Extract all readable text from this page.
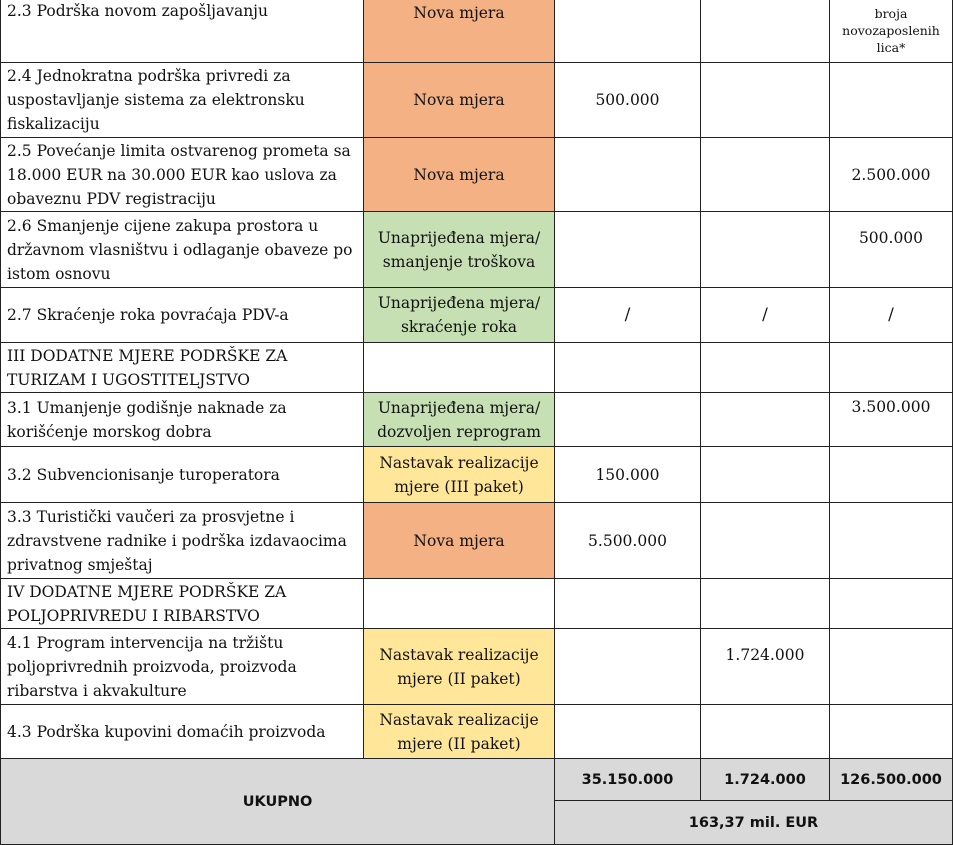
2.3 Podrška novom zapošljavanju	Nova mjera			broja novozaposlenih lica*
2.4 Jednokratna podrška privredi za uspostavljanje sistema za elektronsku fiskalizaciju	Nova mjera	500.000		
2.5 Povećanje limita ostvarenog prometa sa 18.000 EUR na 30.000 EUR kao uslova za obaveznu PDV registraciju	Nova mjera			2.500.000
2.6 Smanjenje cijene zakupa prostora u državnom vlasništvu i odlaganje obaveze po istom osnovu	Unaprijeđena mjera/ smanjenje troškova			500.000
2.7 Skraćenje roka povraćaja PDV-a	Unaprijeđena mjera/ skraćenje roka	/	/	/
III DODATNE MJERE PODRŠKE ZA TURIZAM I UGOSTITELJSTVO				
3.1 Umanjenje godišnje naknade za korišćenje morskog dobra	Unaprijeđena mjera/ dozvoljen reprogram			3.500.000
3.2 Subvencionisanje turoperatora	Nastavak realizacije mjere (III paket)	150.000		
3.3 Turistički vaučeri za prosvjetne i zdravstvene radnike i podrška izdavaocima privatnog smještaj	Nova mjera	5.500.000		
IV DODATNE MJERE PODRŠKE ZA POLJOPRIVREDU I RIBARSTVO				
4.1 Program intervencija na tržištu poljoprivrednih proizvoda, proizvoda ribarstva i akvakulture	Nastavak realizacije mjere (II paket)		1.724.000	
4.3 Podrška kupovini domaćih proizvoda	Nastavak realizacije mjere (II paket)			
UKUPNO		35.150.000	1.724.000	126.500.000
		163,37 mil. EUR		
